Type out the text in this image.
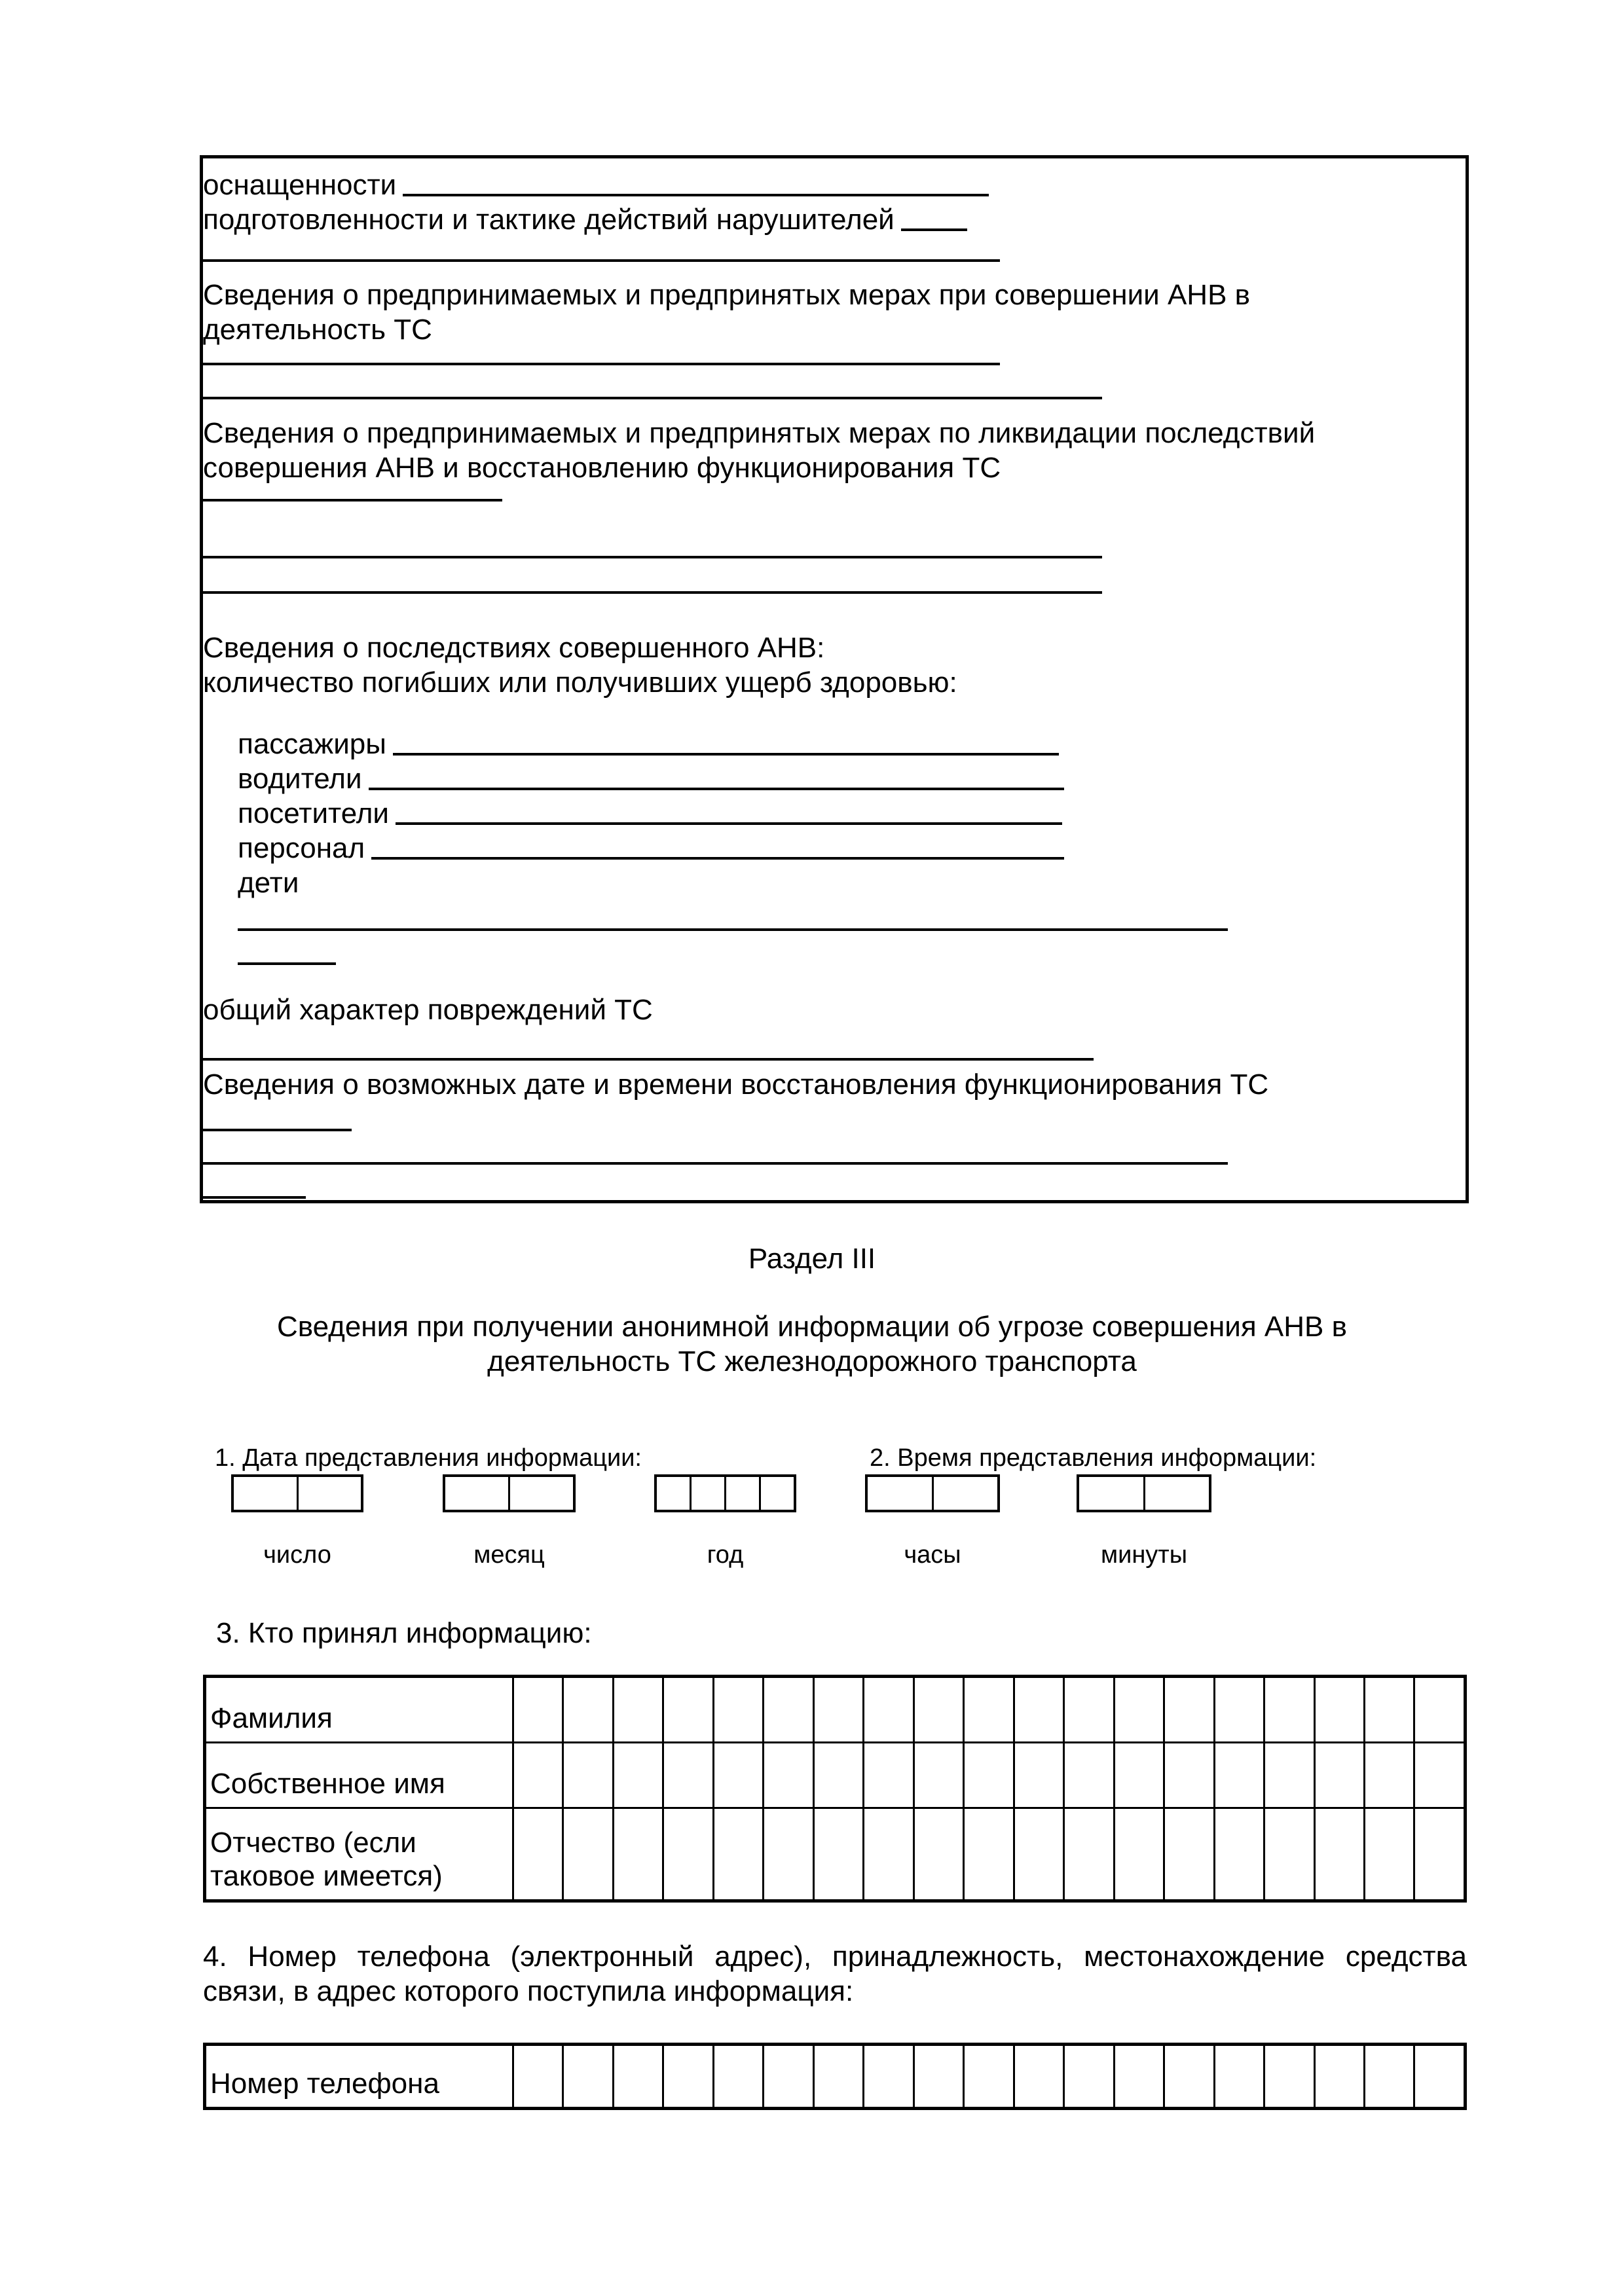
оснащенности
подготовленности и тактике действий нарушителей
Сведения о предпринимаемых и предпринятых мерах при совершении АНВ в
деятельность ТС
Сведения о предпринимаемых и предпринятых мерах по ликвидации последствий
совершения АНВ и восстановлению функционирования ТС
Сведения о последствиях совершенного АНВ:
количество погибших или получивших ущерб здоровью:
пассажиры
водители
посетители
персонал
дети
общий характер повреждений ТС
Сведения о возможных дате и времени восстановления функционирования ТС
Раздел III
Сведения при получении анонимной информации об угрозе совершения АНВ в
деятельность ТС железнодорожного транспорта
1. Дата представления информации:	2. Время представления информации:
число	месяц	год	часы	минуты
3. Кто принял информацию:
Фамилия
Собственное имя
Отчество (если таковое имеется)
4. Номер телефона (электронный адрес), принадлежность, местонахождение средства
связи, в адрес которого поступила информация:
Номер телефона
